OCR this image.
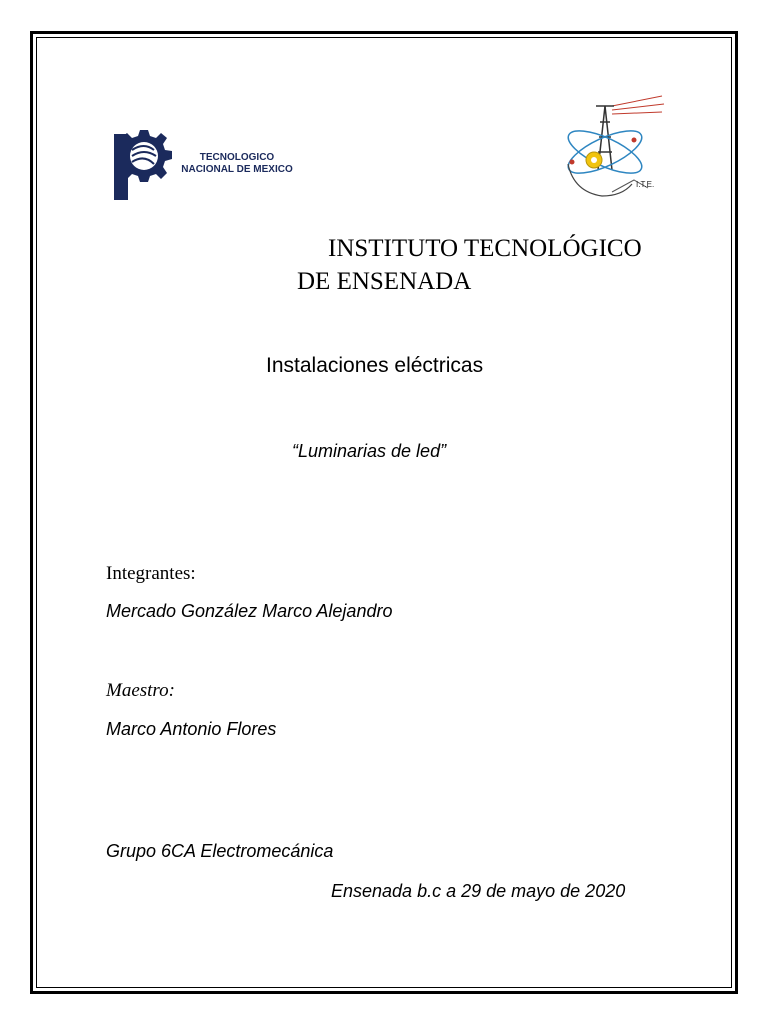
TECNOLOGICO
NACIONAL DE MEXICO
I.T.E.
INSTITUTO TECNOLÓGICO
DE ENSENADA
Instalaciones eléctricas
“Luminarias de led”
Integrantes:
Mercado González Marco Alejandro
Maestro:
Marco Antonio Flores
Grupo 6CA Electromecánica
Ensenada b.c a 29 de mayo de 2020
